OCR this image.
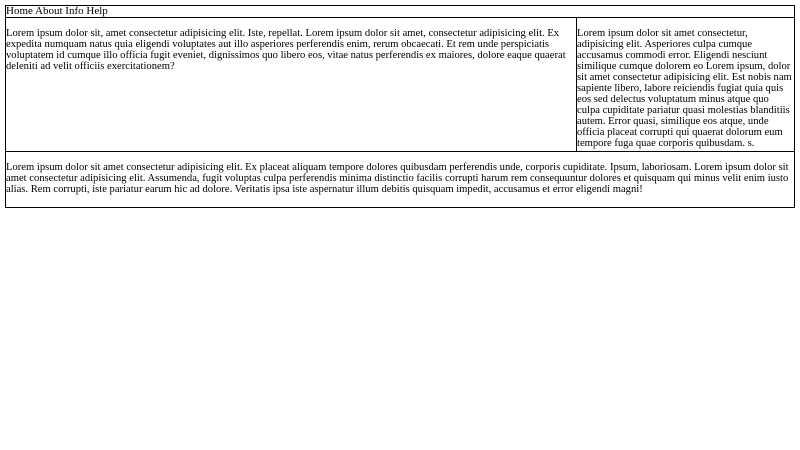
Home About Info Help

Lorem ipsum dolor sit, amet consectetur adipisicing elit. Iste, repellat. Lorem ipsum dolor sit amet, consectetur adipisicing elit. Ex expedita numquam natus quia eligendi voluptates aut illo asperiores perferendis enim, rerum obcaecati. Et rem unde perspiciatis voluptatem id cumque illo officia fugit eveniet, dignissimos quo libero eos, vitae natus perferendis ex maiores, dolore eaque quaerat deleniti ad velit officiis exercitationem?

Lorem ipsum dolor sit amet consectetur, adipisicing elit. Asperiores culpa cumque accusamus commodi error. Eligendi nesciunt similique cumque dolorem eo Lorem ipsum, dolor sit amet consectetur adipisicing elit. Est nobis nam sapiente libero, labore reiciendis fugiat quia quis eos sed delectus voluptatum minus atque quo culpa cupiditate pariatur quasi molestias blanditiis autem. Error quasi, similique eos atque, unde officia placeat corrupti qui quaerat dolorum eum tempore fuga quae corporis quibusdam. s.

Lorem ipsum dolor sit amet consectetur adipisicing elit. Ex placeat aliquam tempore dolores quibusdam perferendis unde, corporis cupiditate. Ipsum, laboriosam. Lorem ipsum dolor sit amet consectetur adipisicing elit. Assumenda, fugit voluptas culpa perferendis minima distinctio facilis corrupti harum rem consequuntur dolores et quisquam qui minus velit enim iusto alias. Rem corrupti, iste pariatur earum hic ad dolore. Veritatis ipsa iste aspernatur illum debitis quisquam impedit, accusamus et error eligendi magni!
